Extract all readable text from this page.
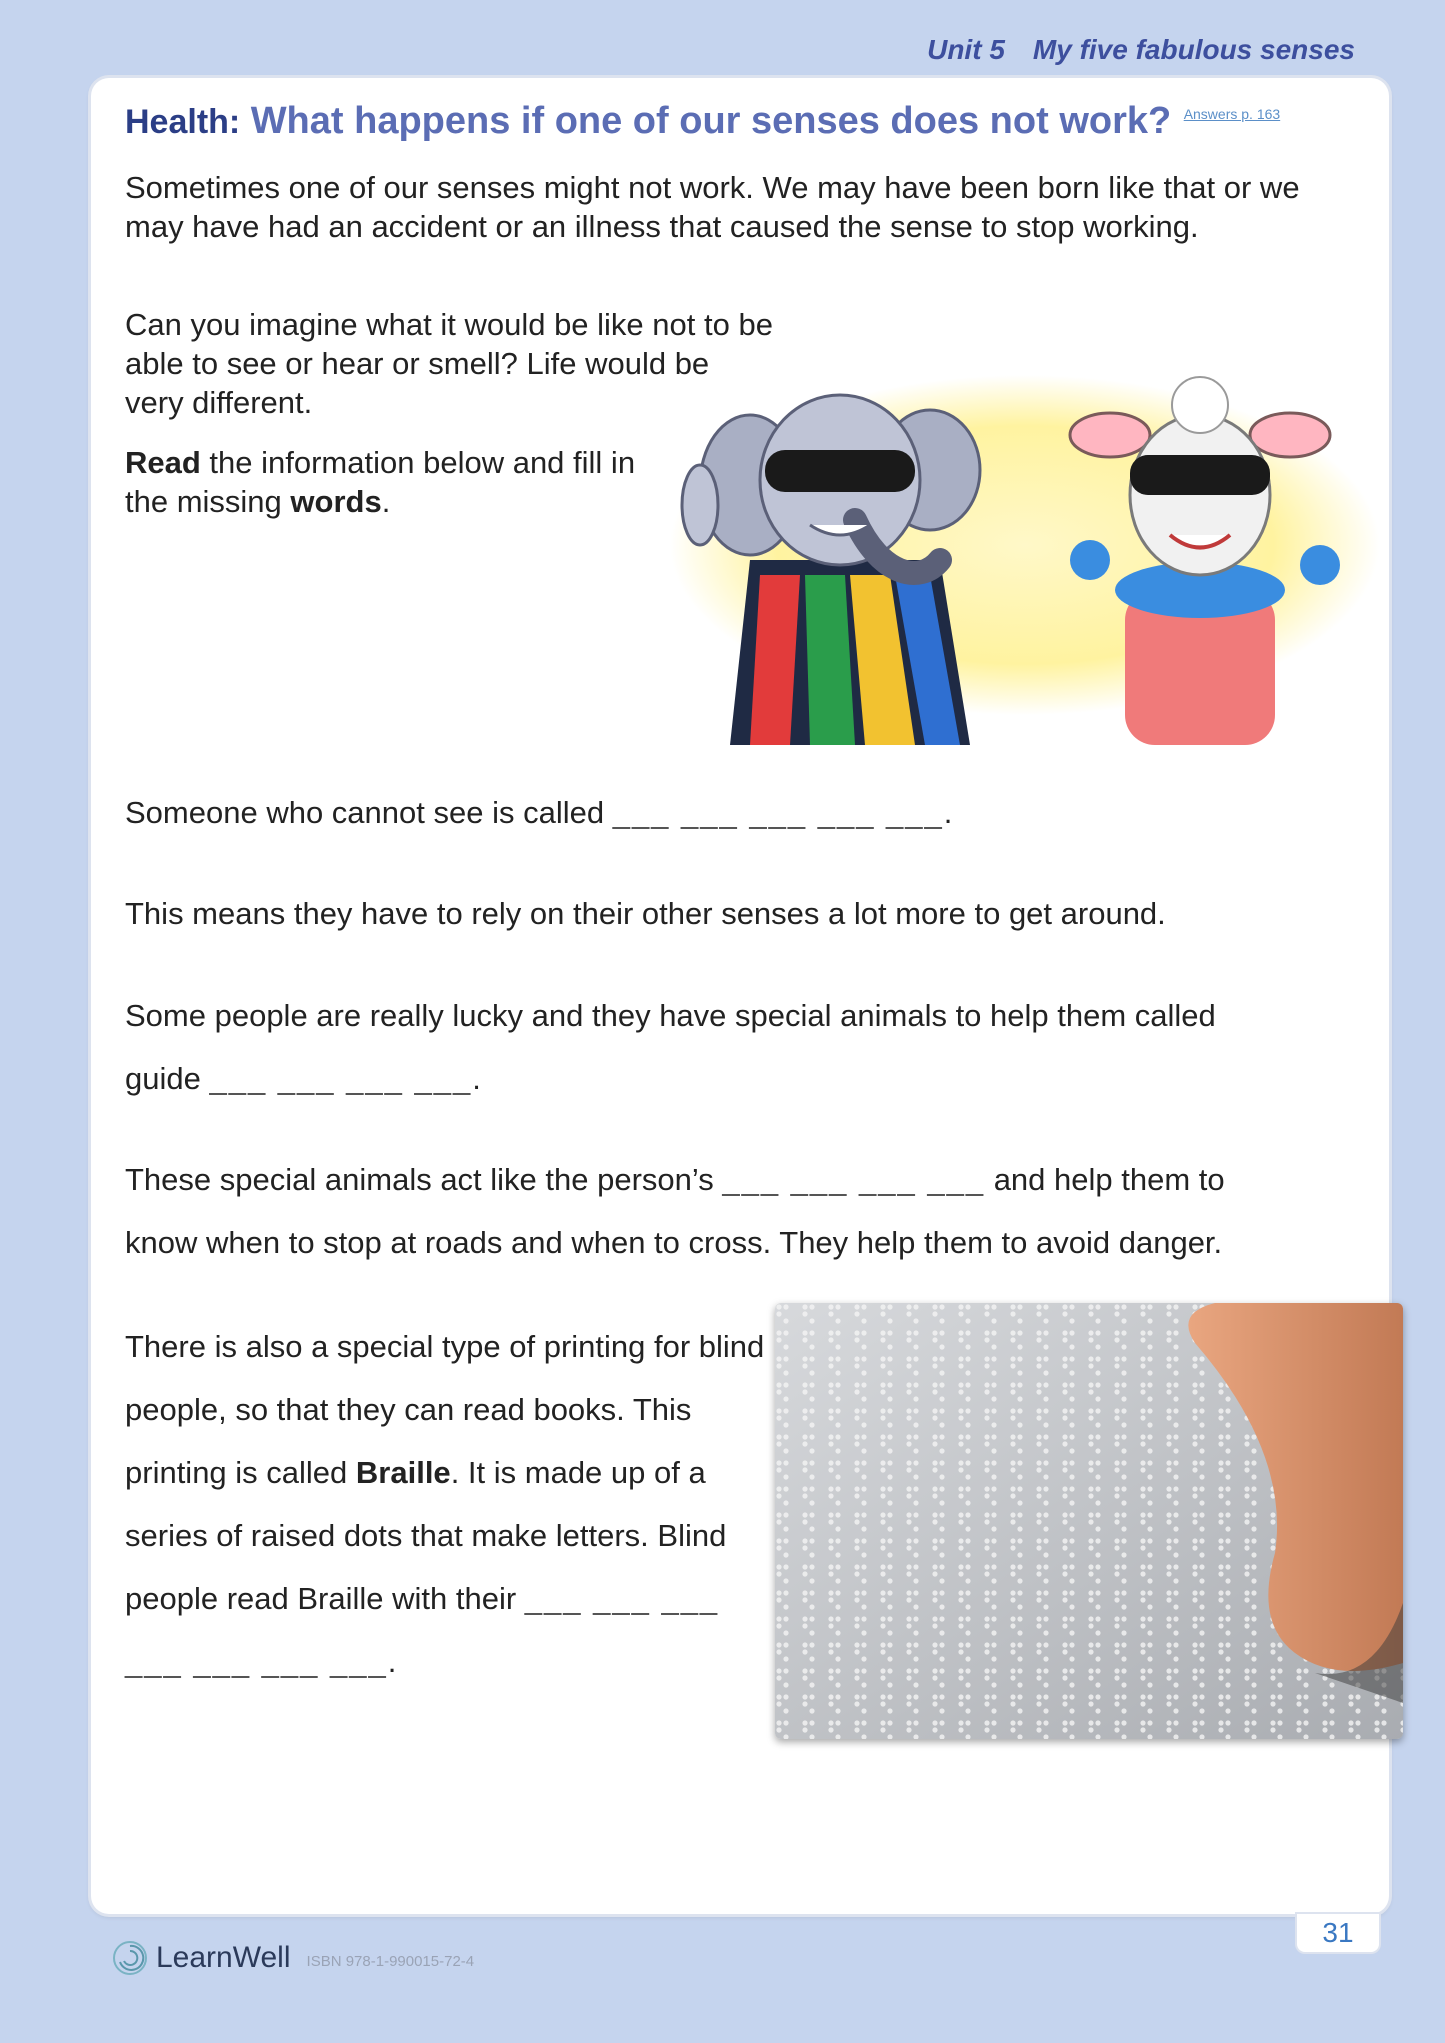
Unit 5 My five fabulous senses
Health: What happens if one of our senses does not work? Answers p. 163
Sometimes one of our senses might not work. We may have been born like that or we may have had an accident or an illness that caused the sense to stop working.
Can you imagine what it would be like not to be able to see or hear or smell? Life would be very different.
Read the information below and fill in the missing words.
Someone who cannot see is called ___ ___ ___ ___ ___.
This means they have to rely on their other senses a lot more to get around.
Some people are really lucky and they have special animals to help them called
guide ___ ___ ___ ___.
These special animals act like the person’s ___ ___ ___ ___ and help them to
know when to stop at roads and when to cross. They help them to avoid danger.
There is also a special type of printing for blind people, so that they can read books. This printing is called Braille. It is made up of a series of raised dots that make letters. Blind people read Braille with their ___ ___ ___ ___ ___ ___ ___.
LearnWell ISBN 978-1-990015-72-4
31
